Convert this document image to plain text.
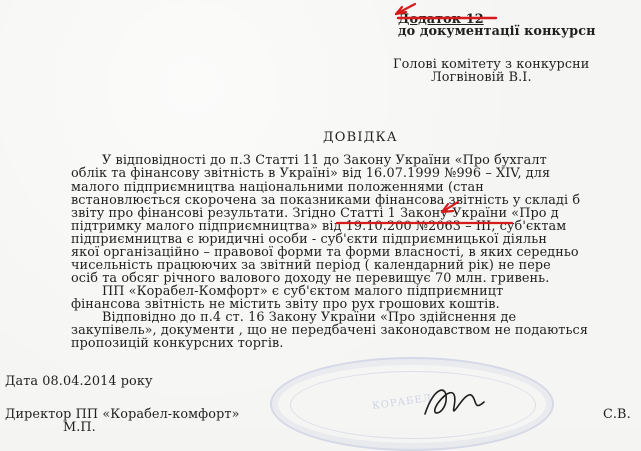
Додаток 12
до документації конкурсн
Голові комітету з конкурсни
Логвіновій В.І.
ДОВІДКА
У відповідності до п.3 Статті 11 до Закону України «Про бухгалт
облік та фінансову звітність в Україні» від 16.07.1999 №996 – XIV, для
малого підприємництва національними положеннями (стан
встановлюється скорочена за показниками фінансова звітність у складі б
звіту про фінансові результати. Згідно Статті 1 Закону України «Про д
підтримку малого підприємництва» від 19.10.200 №2063 – ІІІ, суб'єктам
підприємництва є юридичні особи - суб'єкти підприємницької діяльн
якої організаційно – правової форми та форми власності, в яких середньо
чисельність працюючих за звітний період ( календарний рік) не пере
осіб та обсяг річного валового доходу не перевищує 70 млн. гривень.
ПП «Корабел-Комфорт» є суб'єктом малого підприємницт
фінансова звітність не містить звіту про рух грошових коштів.
Відповідно до п.4 ст. 16 Закону України «Про здійснення де
закупівель», документи , що не передбачені законодавством не подаються
пропозицій конкурсних торгів.
Дата 08.04.2014 року
Директор ПП «Корабел-комфорт»	С.В.
М.П.
КОРАБЕЛ
